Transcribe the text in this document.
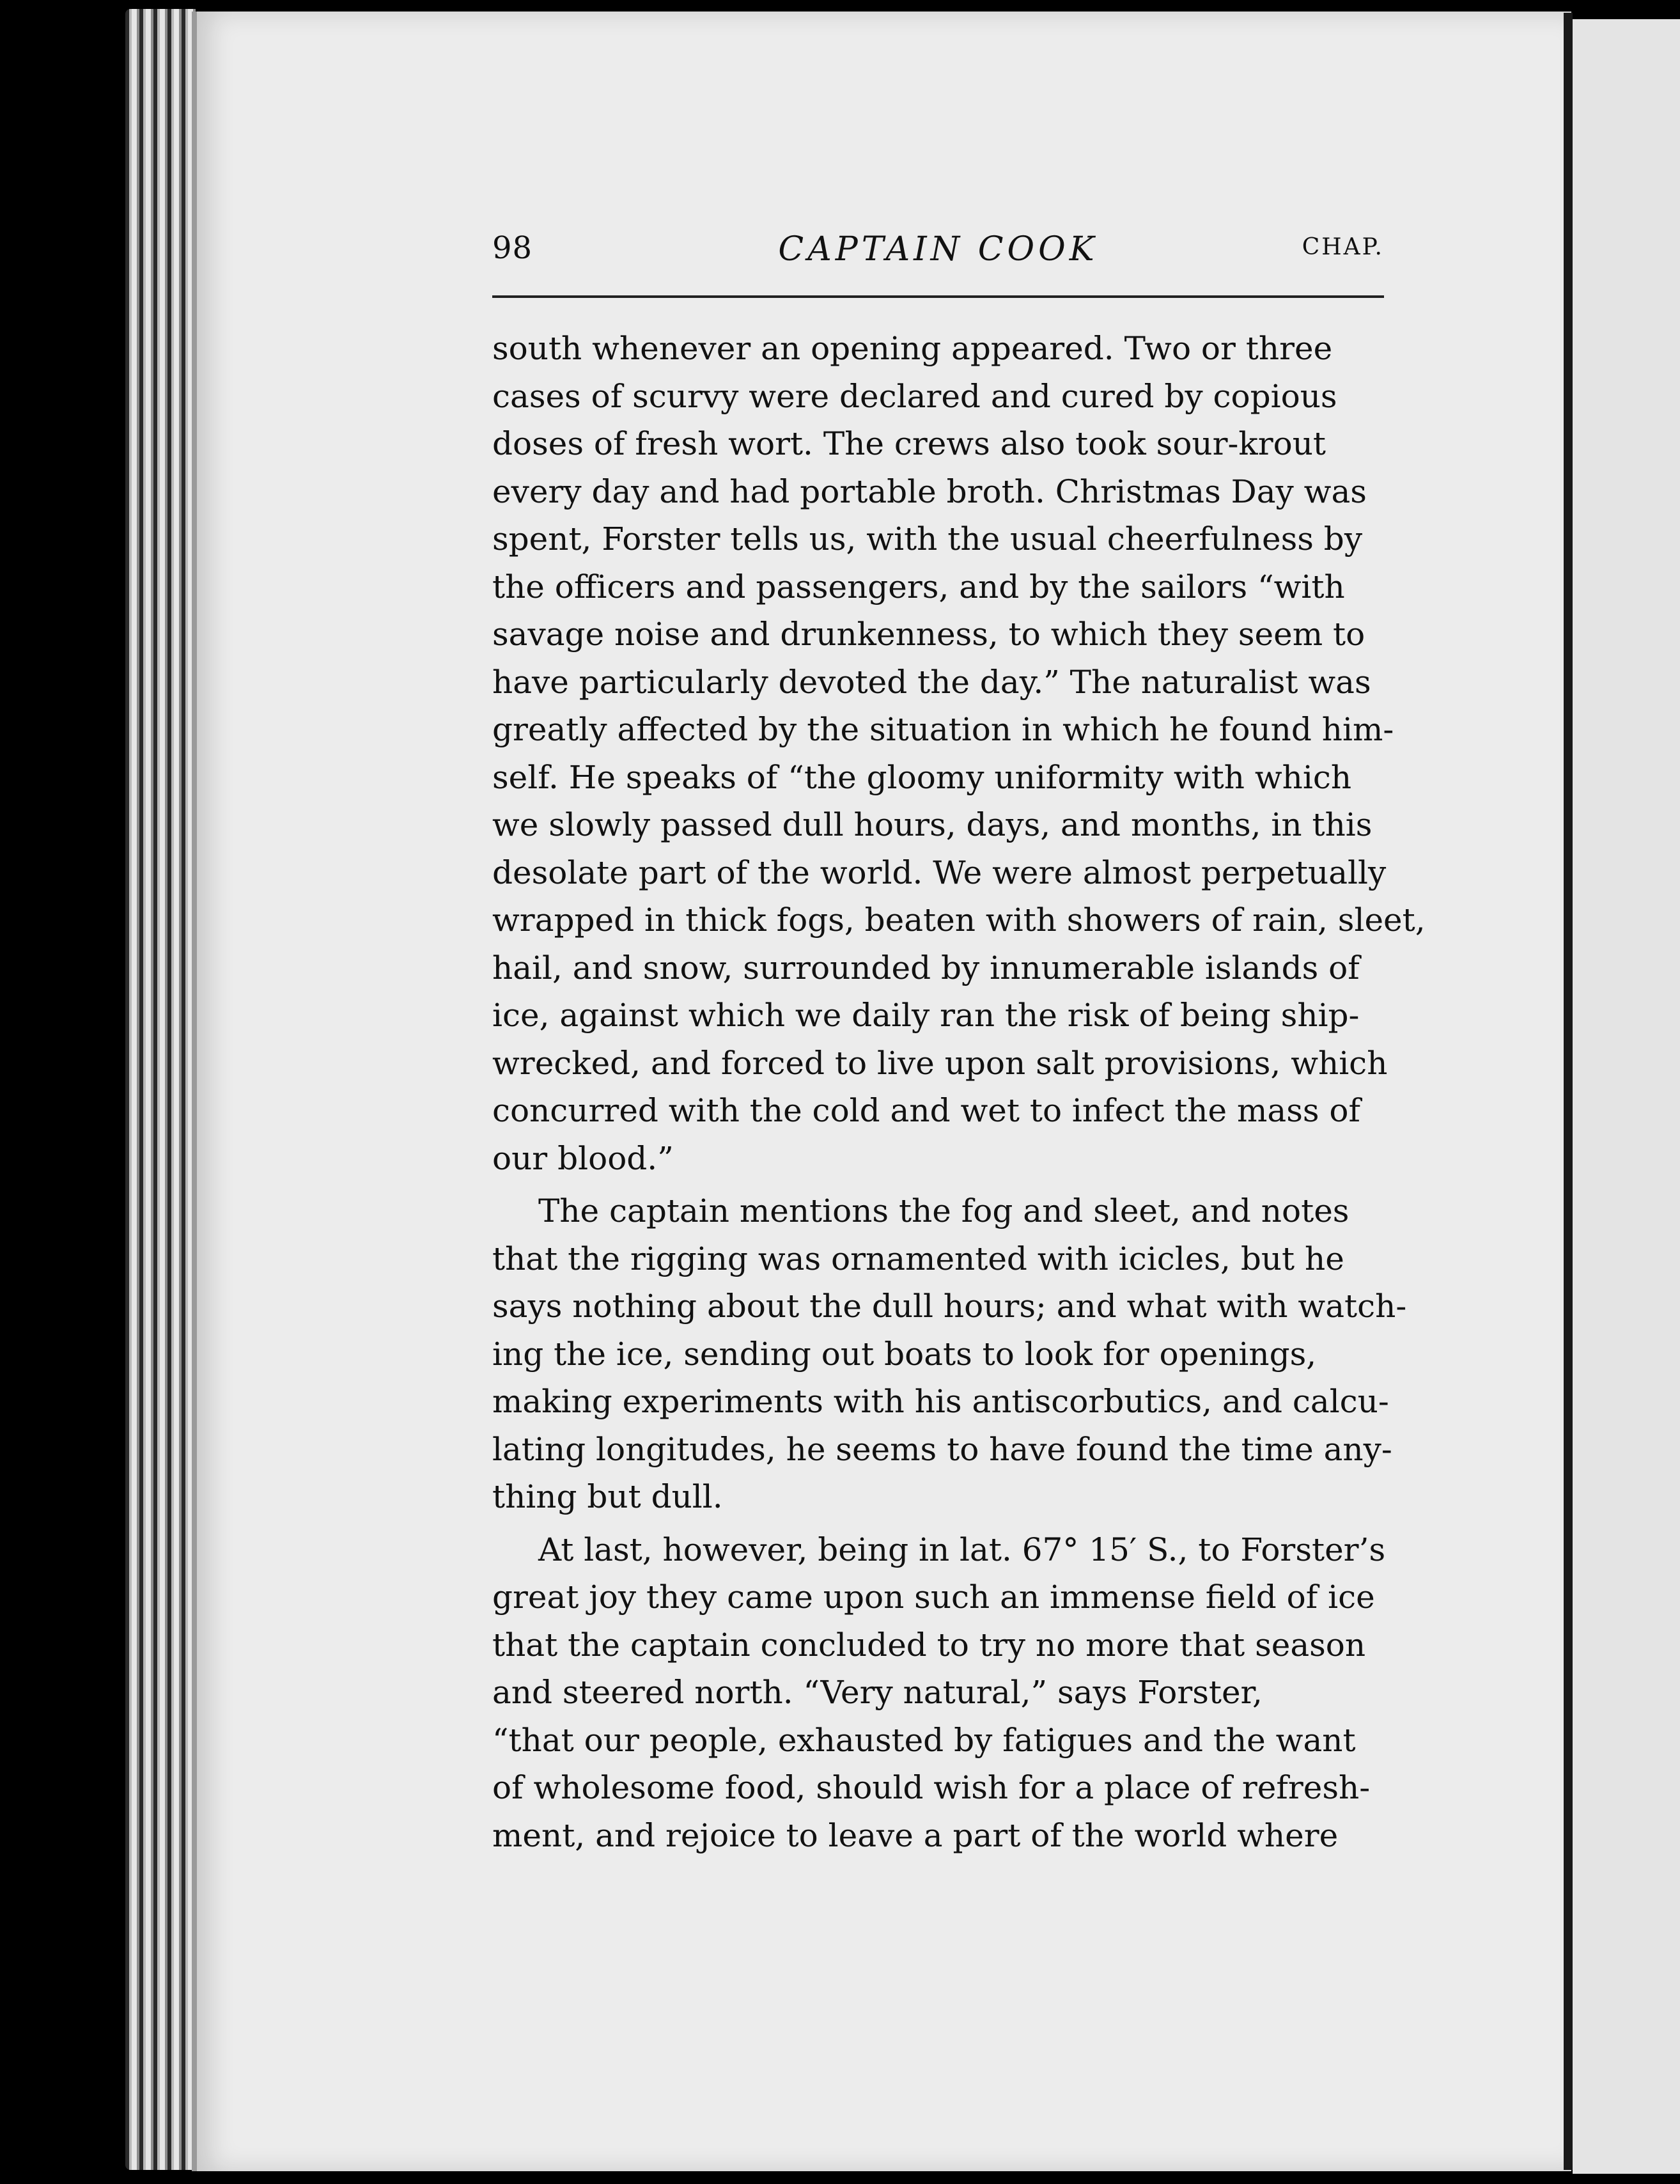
98	CAPTAIN COOK	CHAP.
south whenever an opening appeared. Two or three
cases of scurvy were declared and cured by copious
doses of fresh wort. The crews also took sour-krout
every day and had portable broth. Christmas Day was
spent, Forster tells us, with the usual cheerfulness by
the officers and passengers, and by the sailors “with
savage noise and drunkenness, to which they seem to
have particularly devoted the day.” The naturalist was
greatly affected by the situation in which he found him-
self. He speaks of “the gloomy uniformity with which
we slowly passed dull hours, days, and months, in this
desolate part of the world. We were almost perpetually
wrapped in thick fogs, beaten with showers of rain, sleet,
hail, and snow, surrounded by innumerable islands of
ice, against which we daily ran the risk of being ship-
wrecked, and forced to live upon salt provisions, which
concurred with the cold and wet to infect the mass of
our blood.”
The captain mentions the fog and sleet, and notes
that the rigging was ornamented with icicles, but he
says nothing about the dull hours; and what with watch-
ing the ice, sending out boats to look for openings,
making experiments with his antiscorbutics, and calcu-
lating longitudes, he seems to have found the time any-
thing but dull.
At last, however, being in lat. 67° 15′ S., to Forster’s
great joy they came upon such an immense field of ice
that the captain concluded to try no more that season
and steered north. “Very natural,” says Forster,
“that our people, exhausted by fatigues and the want
of wholesome food, should wish for a place of refresh-
ment, and rejoice to leave a part of the world where
